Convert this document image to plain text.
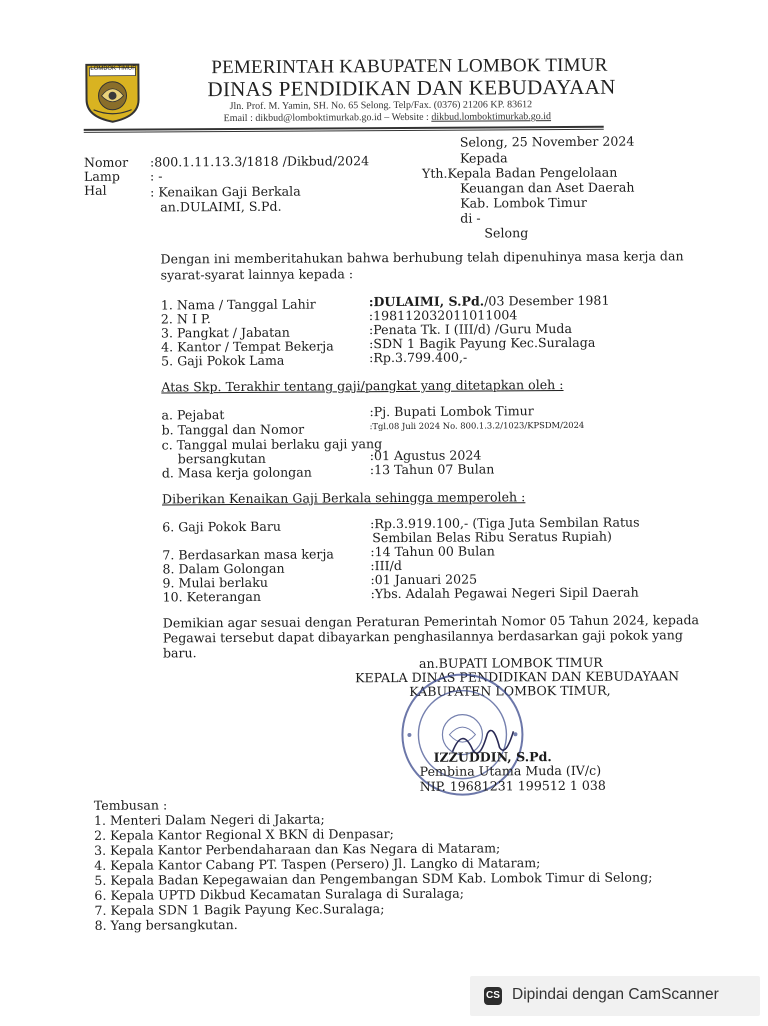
LOMBOK TIMUR	PEMERINTAH KABUPATEN LOMBOK TIMUR
DINAS PENDIDIKAN DAN KEBUDAYAAN
Jln. Prof. M. Yamin, SH. No. 65 Selong. Telp/Fax. (0376) 21206 KP. 83612
Email : dikbud@lomboktimurkab.go.id – Website : dikbud.lomboktimurkab.go.id
Selong, 25 November 2024
Kepada
Yth.Kepala Badan Pengelolaan
Keuangan dan Aset Daerah
Kab. Lombok Timur
di -
Selong
Nomor :800.1.11.13.3/1818 /Dikbud/2024
Lamp : -
Hal	: Kenaikan Gaji Berkala
an.DULAIMI, S.Pd.
Dengan ini memberitahukan bahwa berhubung telah dipenuhinya masa kerja dan
syarat-syarat lainnya kepada :
1. Nama / Tanggal Lahir	:DULAIMI, S.Pd./03 Desember 1981
2. N I P.	:198112032011011004
3. Pangkat / Jabatan	:Penata Tk. I (III/d) /Guru Muda
4. Kantor / Tempat Bekerja	:SDN 1 Bagik Payung Kec.Suralaga
5. Gaji Pokok Lama	:Rp.3.799.400,-
Atas Skp. Terakhir tentang gaji/pangkat yang ditetapkan oleh :
a. Pejabat	:Pj. Bupati Lombok Timur
b. Tanggal dan Nomor	:Tgl.08 Juli 2024 No. 800.1.3.2/1023/KPSDM/2024
c. Tanggal mulai berlaku gaji yang
bersangkutan	:01 Agustus 2024
d. Masa kerja golongan	:13 Tahun 07 Bulan
Diberikan Kenaikan Gaji Berkala sehingga memperoleh :
6. Gaji Pokok Baru	:Rp.3.919.100,- (Tiga Juta Sembilan Ratus
Sembilan Belas Ribu Seratus Rupiah)
7. Berdasarkan masa kerja	:14 Tahun 00 Bulan
8. Dalam Golongan	:III/d
9. Mulai berlaku	:01 Januari 2025
10. Keterangan	:Ybs. Adalah Pegawai Negeri Sipil Daerah
Demikian agar sesuai dengan Peraturan Pemerintah Nomor 05 Tahun 2024, kepada
Pegawai tersebut dapat dibayarkan penghasilannya berdasarkan gaji pokok yang
baru.
an.BUPATI LOMBOK TIMUR
KEPALA DINAS PENDIDIKAN DAN KEBUDAYAAN
KABUPATEN LOMBOK TIMUR,
IZZUDDIN, S.Pd.
Pembina Utama Muda (IV/c)
NIP. 19681231 199512 1 038
Tembusan :
1. Menteri Dalam Negeri di Jakarta;
2. Kepala Kantor Regional X BKN di Denpasar;
3. Kepala Kantor Perbendaharaan dan Kas Negara di Mataram;
4. Kepala Kantor Cabang PT. Taspen (Persero) Jl. Langko di Mataram;
5. Kepala Badan Kepegawaian dan Pengembangan SDM Kab. Lombok Timur di Selong;
6. Kepala UPTD Dikbud Kecamatan Suralaga di Suralaga;
7. Kepala SDN 1 Bagik Payung Kec.Suralaga;
8. Yang bersangkutan.
CS Dipindai dengan CamScanner
